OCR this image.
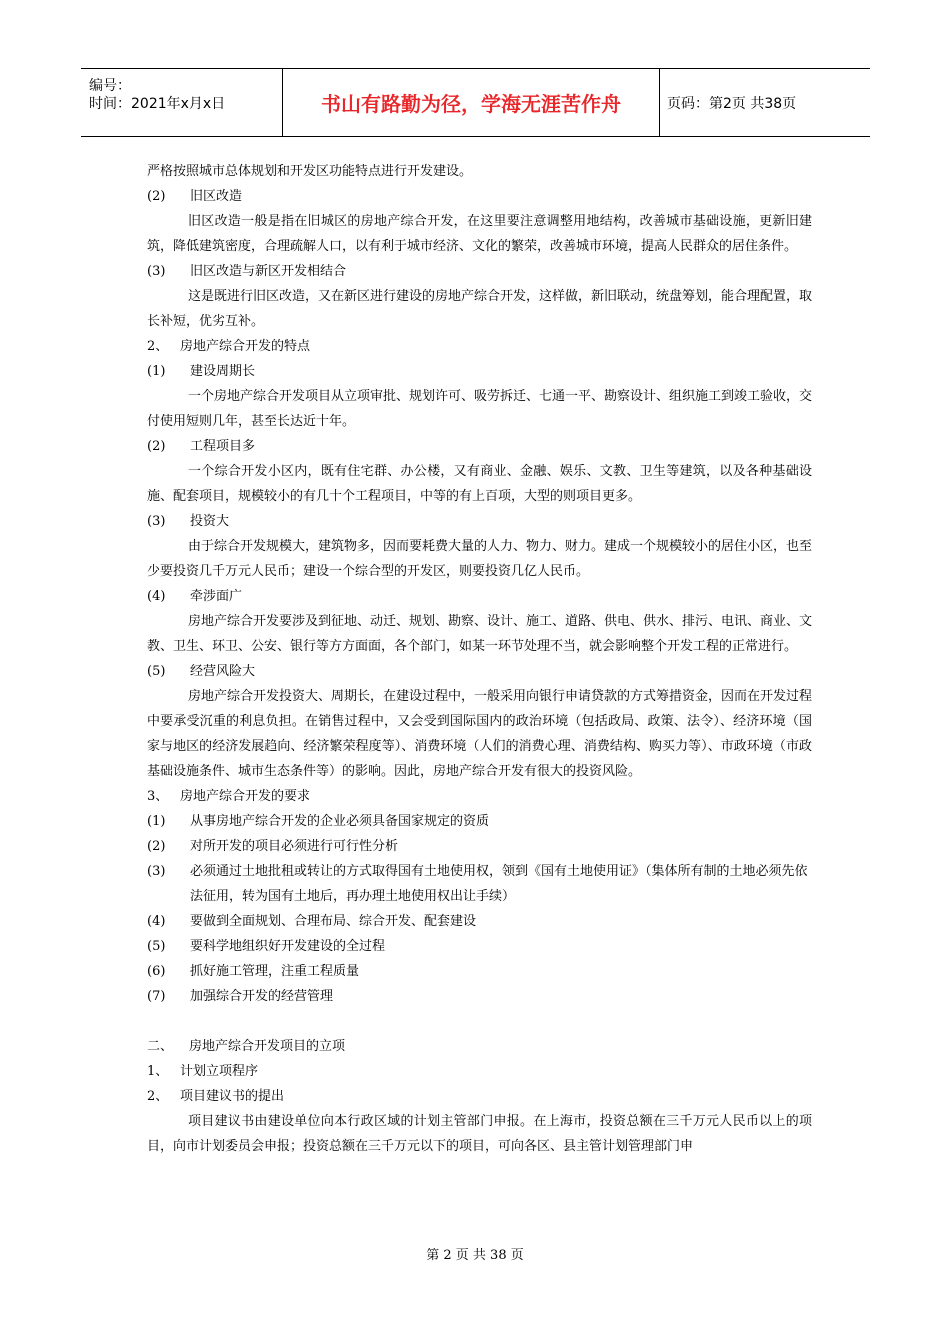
编号：
时间：2021年x月x日	书山有路勤为径，学海无涯苦作舟	页码：第2页 共38页

严格按照城市总体规划和开发区功能特点进行开发建设。

(2)	旧区改造

旧区改造一般是指在旧城区的房地产综合开发，在这里要注意调整用地结构，改善城市基础设施，更新旧建筑，降低建筑密度，合理疏解人口，以有利于城市经济、文化的繁荣，改善城市环境，提高人民群众的居住条件。

(3)	旧区改造与新区开发相结合

这是既进行旧区改造，又在新区进行建设的房地产综合开发，这样做，新旧联动，统盘筹划，能合理配置，取长补短，优劣互补。

2、 房地产综合开发的特点
(1)	建设周期长

一个房地产综合开发项目从立项审批、规划许可、吸劳拆迁、七通一平、勘察设计、组织施工到竣工验收，交付使用短则几年，甚至长达近十年。

(2)	工程项目多

一个综合开发小区内，既有住宅群、办公楼，又有商业、金融、娱乐、文教、卫生等建筑，以及各种基础设施、配套项目，规模较小的有几十个工程项目，中等的有上百项，大型的则项目更多。

(3)	投资大

由于综合开发规模大，建筑物多，因而要耗费大量的人力、物力、财力。建成一个规模较小的居住小区，也至少要投资几千万元人民币；建设一个综合型的开发区，则要投资几亿人民币。

(4)	牵涉面广

房地产综合开发要涉及到征地、动迁、规划、勘察、设计、施工、道路、供电、供水、排污、电讯、商业、文教、卫生、环卫、公安、银行等方方面面，各个部门，如某一环节处理不当，就会影响整个开发工程的正常进行。

(5)	经营风险大

房地产综合开发投资大、周期长，在建设过程中，一般采用向银行申请贷款的方式筹措资金，因而在开发过程中要承受沉重的利息负担。在销售过程中，又会受到国际国内的政治环境（包括政局、政策、法令）、经济环境（国家与地区的经济发展趋向、经济繁荣程度等）、消费环境（人们的消费心理、消费结构、购买力等）、市政环境（市政基础设施条件、城市生态条件等）的影响。因此，房地产综合开发有很大的投资风险。

3、 房地产综合开发的要求
(1)	从事房地产综合开发的企业必须具备国家规定的资质
(2)	对所开发的项目必须进行可行性分析
(3)	必须通过土地批租或转让的方式取得国有土地使用权，领到《国有土地使用证》（集体所有制的土地必须先依法征用，转为国有土地后，再办理土地使用权出让手续）
(4)	要做到全面规划、合理布局、综合开发、配套建设
(5)	要科学地组织好开发建设的全过程
(6)	抓好施工管理，注重工程质量
(7)	加强综合开发的经营管理
二、	房地产综合开发项目的立项
1、 计划立项程序
2、 项目建议书的提出

项目建议书由建设单位向本行政区域的计划主管部门申报。在上海市，投资总额在三千万元人民币以上的项目，向市计划委员会申报；投资总额在三千万元以下的项目，可向各区、县主管计划管理部门申

第 2 页 共 38 页
